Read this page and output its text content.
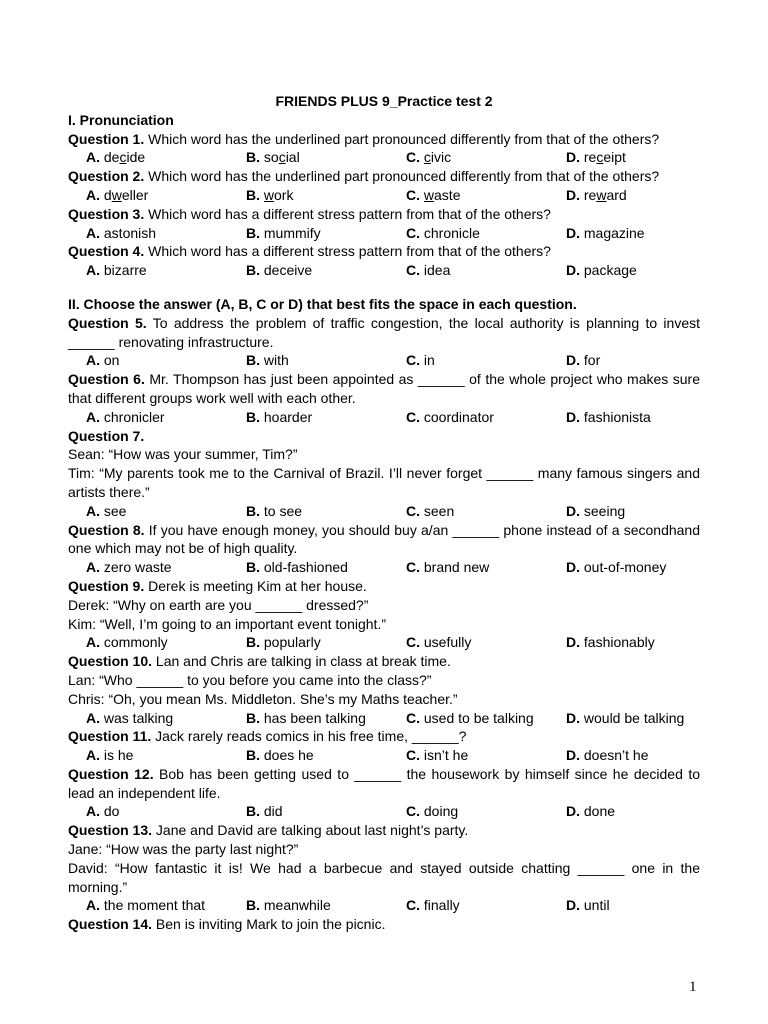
FRIENDS PLUS 9_Practice test 2

I. Pronunciation
Question 1. Which word has the underlined part pronounced differently from that of the others?
A. decide	B. social	C. civic	D. receipt
Question 2. Which word has the underlined part pronounced differently from that of the others?
A. dweller	B. work	C. waste	D. reward
Question 3. Which word has a different stress pattern from that of the others?
A. astonish	B. mummify	C. chronicle	D. magazine
Question 4. Which word has a different stress pattern from that of the others?
A. bizarre	B. deceive	C. idea	D. package
II. Choose the answer (A, B, C or D) that best fits the space in each question.
Question 5. To address the problem of traffic congestion, the local authority is planning to invest ______ renovating infrastructure.
A. on	B. with	C. in	D. for
Question 6. Mr. Thompson has just been appointed as ______ of the whole project who makes sure that different groups work well with each other.
A. chronicler	B. hoarder	C. coordinator	D. fashionista
Question 7.
Sean: “How was your summer, Tim?”
Tim: “My parents took me to the Carnival of Brazil. I’ll never forget ______ many famous singers and artists there.”
A. see	B. to see	C. seen	D. seeing
Question 8. If you have enough money, you should buy a/an ______ phone instead of a secondhand one which may not be of high quality.
A. zero waste	B. old-fashioned	C. brand new	D. out-of-money
Question 9. Derek is meeting Kim at her house.
Derek: “Why on earth are you ______ dressed?”
Kim: “Well, I’m going to an important event tonight.”
A. commonly	B. popularly	C. usefully	D. fashionably
Question 10. Lan and Chris are talking in class at break time.
Lan: “Who ______ to you before you came into the class?”
Chris: “Oh, you mean Ms. Middleton. She’s my Maths teacher.”
A. was talking	B. has been talking	C. used to be talking	D. would be talking
Question 11. Jack rarely reads comics in his free time, ______?
A. is he	B. does he	C. isn’t he	D. doesn’t he
Question 12. Bob has been getting used to ______ the housework by himself since he decided to lead an independent life.
A. do	B. did	C. doing	D. done
Question 13. Jane and David are talking about last night’s party.
Jane: “How was the party last night?”
David: “How fantastic it is! We had a barbecue and stayed outside chatting ______ one in the morning.”
A. the moment that	B. meanwhile	C. finally	D. until
Question 14. Ben is inviting Mark to join the picnic.
1
